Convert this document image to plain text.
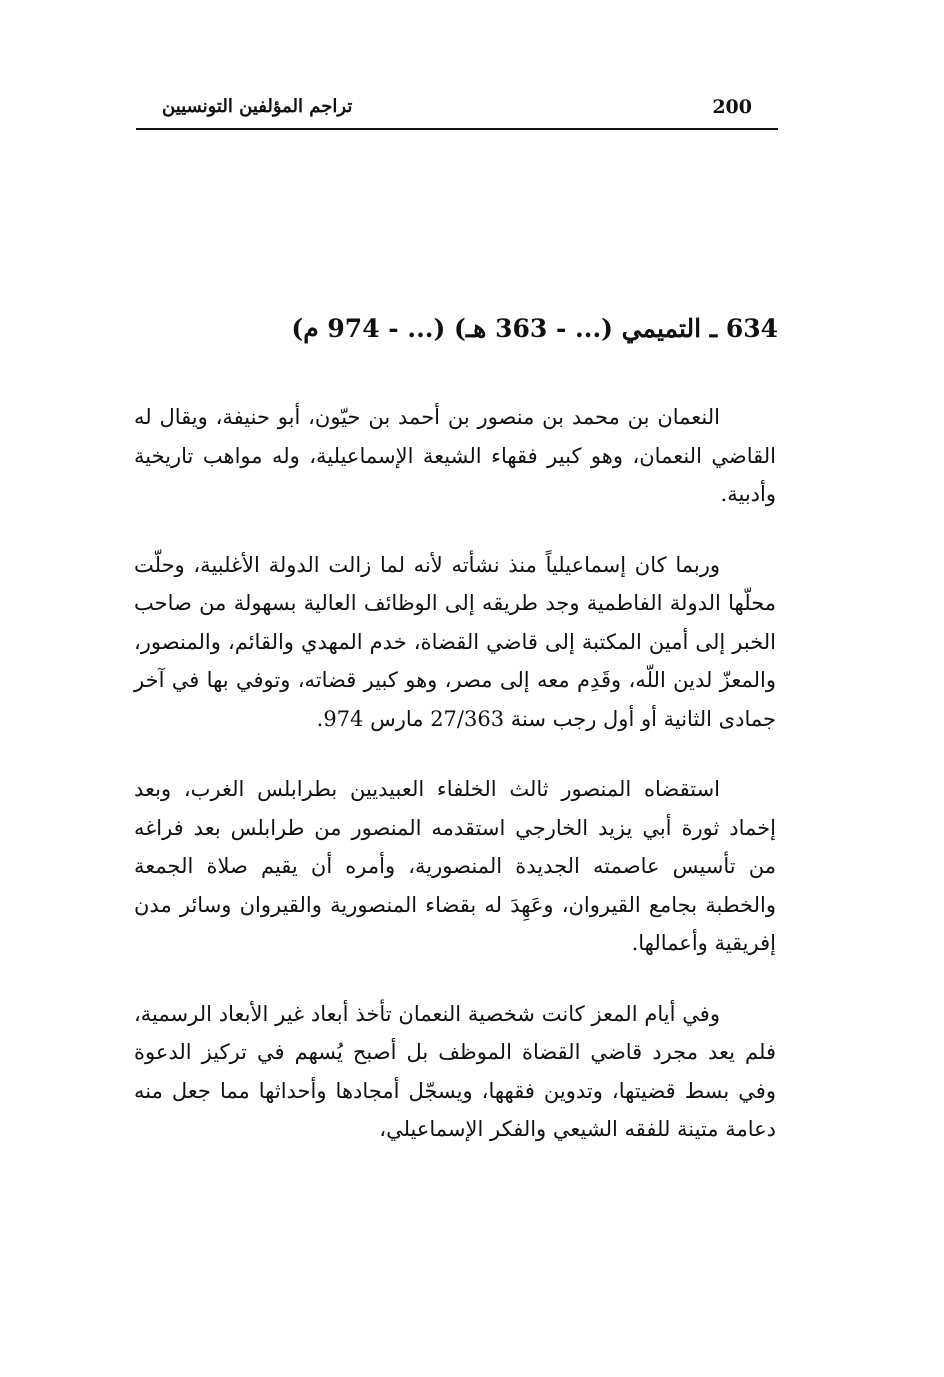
200
تراجم المؤلفين التونسيين
634 ـ التميمي (... - 363 هـ) (... - 974 م)

النعمان بن محمد بن منصور بن أحمد بن حيّون، أبو حنيفة، ويقال له القاضي النعمان، وهو كبير فقهاء الشيعة الإسماعيلية، وله مواهب تاريخية وأدبية.

وربما كان إسماعيلياً منذ نشأته لأنه لما زالت الدولة الأغلبية، وحلّت محلّها الدولة الفاطمية وجد طريقه إلى الوظائف العالية بسهولة من صاحب الخبر إلى أمين المكتبة إلى قاضي القضاة، خدم المهدي والقائم، والمنصور، والمعزّ لدين اللّه، وقَدِم معه إلى مصر، وهو كبير قضاته، وتوفي بها في آخر جمادى الثانية أو أول رجب سنة 27/363 مارس 974.

استقضاه المنصور ثالث الخلفاء العبيديين بطرابلس الغرب، وبعد إخماد ثورة أبي يزيد الخارجي استقدمه المنصور من طرابلس بعد فراغه من تأسيس عاصمته الجديدة المنصورية، وأمره أن يقيم صلاة الجمعة والخطبة بجامع القيروان، وعَهِدَ له بقضاء المنصورية والقيروان وسائر مدن إفريقية وأعمالها.

وفي أيام المعز كانت شخصية النعمان تأخذ أبعاد غير الأبعاد الرسمية، فلم يعد مجرد قاضي القضاة الموظف بل أصبح يُسهم في تركيز الدعوة وفي بسط قضيتها، وتدوين فقهها، ويسجّل أمجادها وأحداثها مما جعل منه دعامة متينة للفقه الشيعي والفكر الإسماعيلي،
